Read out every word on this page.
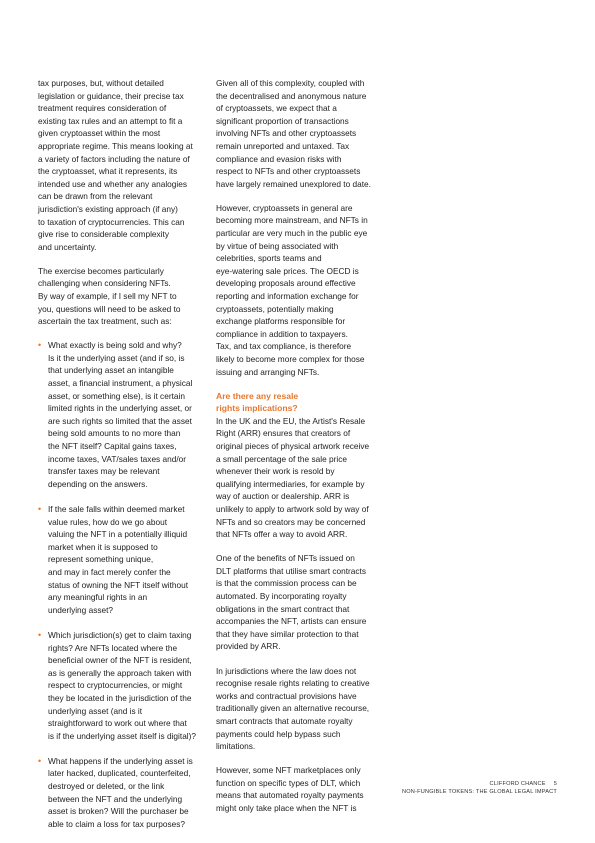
tax purposes, but, without detailed
legislation or guidance, their precise tax
treatment requires consideration of
existing tax rules and an attempt to fit a
given cryptoasset within the most
appropriate regime. This means looking at
a variety of factors including the nature of
the cryptoasset, what it represents, its
intended use and whether any analogies
can be drawn from the relevant
jurisdiction's existing approach (if any)
to taxation of cryptocurrencies. This can
give rise to considerable complexity
and uncertainty.

The exercise becomes particularly
challenging when considering NFTs.
By way of example, if I sell my NFT to
you, questions will need to be asked to
ascertain the tax treatment, such as:

• What exactly is being sold and why?
Is it the underlying asset (and if so, is
that underlying asset an intangible
asset, a financial instrument, a physical
asset, or something else), is it certain
limited rights in the underlying asset, or
are such rights so limited that the asset
being sold amounts to no more than
the NFT itself? Capital gains taxes,
income taxes, VAT/sales taxes and/or
transfer taxes may be relevant
depending on the answers.
• If the sale falls within deemed market
value rules, how do we go about
valuing the NFT in a potentially illiquid
market when it is supposed to
represent something unique,
and may in fact merely confer the
status of owning the NFT itself without
any meaningful rights in an
underlying asset?
• Which jurisdiction(s) get to claim taxing
rights? Are NFTs located where the
beneficial owner of the NFT is resident,
as is generally the approach taken with
respect to cryptocurrencies, or might
they be located in the jurisdiction of the
underlying asset (and is it
straightforward to work out where that
is if the underlying asset itself is digital)?
• What happens if the underlying asset is
later hacked, duplicated, counterfeited,
destroyed or deleted, or the link
between the NFT and the underlying
asset is broken? Will the purchaser be
able to claim a loss for tax purposes?

Given all of this complexity, coupled with
the decentralised and anonymous nature
of cryptoassets, we expect that a
significant proportion of transactions
involving NFTs and other cryptoassets
remain unreported and untaxed. Tax
compliance and evasion risks with
respect to NFTs and other cryptoassets
have largely remained unexplored to date.

However, cryptoassets in general are
becoming more mainstream, and NFTs in
particular are very much in the public eye
by virtue of being associated with
celebrities, sports teams and
eye-watering sale prices. The OECD is
developing proposals around effective
reporting and information exchange for
cryptoassets, potentially making
exchange platforms responsible for
compliance in addition to taxpayers.
Tax, and tax compliance, is therefore
likely to become more complex for those
issuing and arranging NFTs.

Are there any resale
rights implications?

In the UK and the EU, the Artist's Resale
Right (ARR) ensures that creators of
original pieces of physical artwork receive
a small percentage of the sale price
whenever their work is resold by
qualifying intermediaries, for example by
way of auction or dealership. ARR is
unlikely to apply to artwork sold by way of
NFTs and so creators may be concerned
that NFTs offer a way to avoid ARR.

One of the benefits of NFTs issued on
DLT platforms that utilise smart contracts
is that the commission process can be
automated. By incorporating royalty
obligations in the smart contract that
accompanies the NFT, artists can ensure
that they have similar protection to that
provided by ARR.

In jurisdictions where the law does not
recognise resale rights relating to creative
works and contractual provisions have
traditionally given an alternative recourse,
smart contracts that automate royalty
payments could help bypass such
limitations.

However, some NFT marketplaces only
function on specific types of DLT, which
means that automated royalty payments
might only take place when the NFT is

CLIFFORD CHANCE 5
NON-FUNGIBLE TOKENS: THE GLOBAL LEGAL IMPACT
